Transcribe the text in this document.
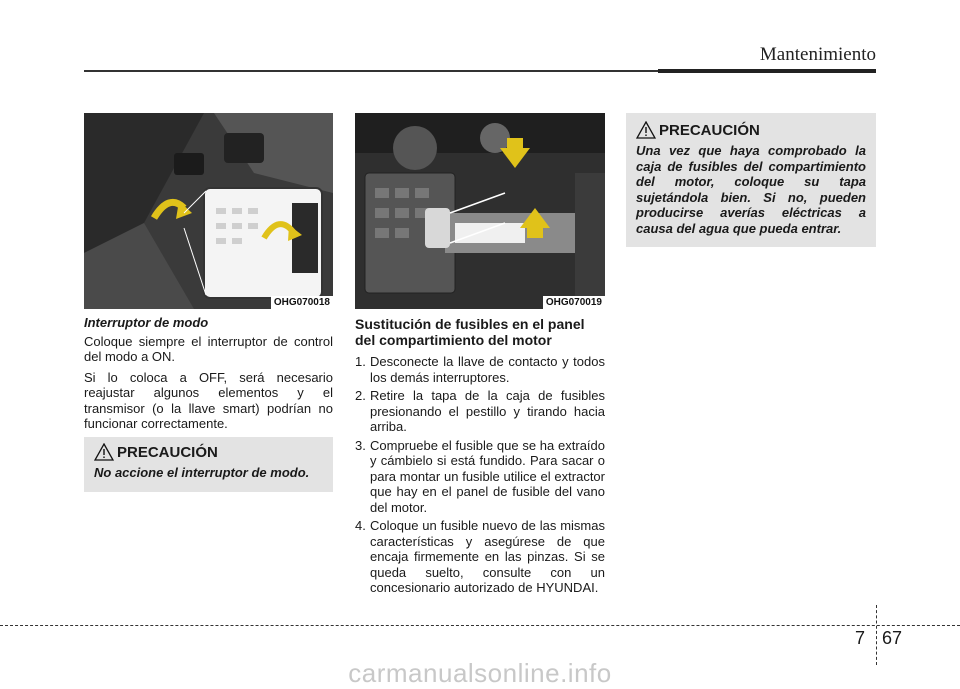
Mantenimiento
OHG070018	OHG070019

Interruptor de modo

Coloque siempre el interruptor de control del modo a ON.

Si lo coloca a OFF, será necesario reajustar algunos elementos y el transmisor (o la llave smart) podrían no funcionar correctamente.

PRECAUCIÓN
No accione el interruptor de modo.

Sustitución de fusibles en el panel del compartimiento del motor

1. Desconecte la llave de contacto y todos los demás interruptores.
2. Retire la tapa de la caja de fusibles presionando el pestillo y tirando hacia arriba.
3. Compruebe el fusible que se ha extraído y cámbielo si está fundido. Para sacar o para montar un fusible utilice el extractor que hay en el panel de fusible del vano del motor.
4. Coloque un fusible nuevo de las mismas características y asegúrese de que encaja firmemente en las pinzas. Si se queda suelto, consulte con un concesionario autorizado de HYUNDAI.
PRECAUCIÓN
Una vez que haya comprobado la caja de fusibles del compartimiento del motor, coloque su tapa sujetándola bien. Si no, pueden producirse averías eléctricas a causa del agua que pueda entrar.
7 67
carmanualsonline.info
